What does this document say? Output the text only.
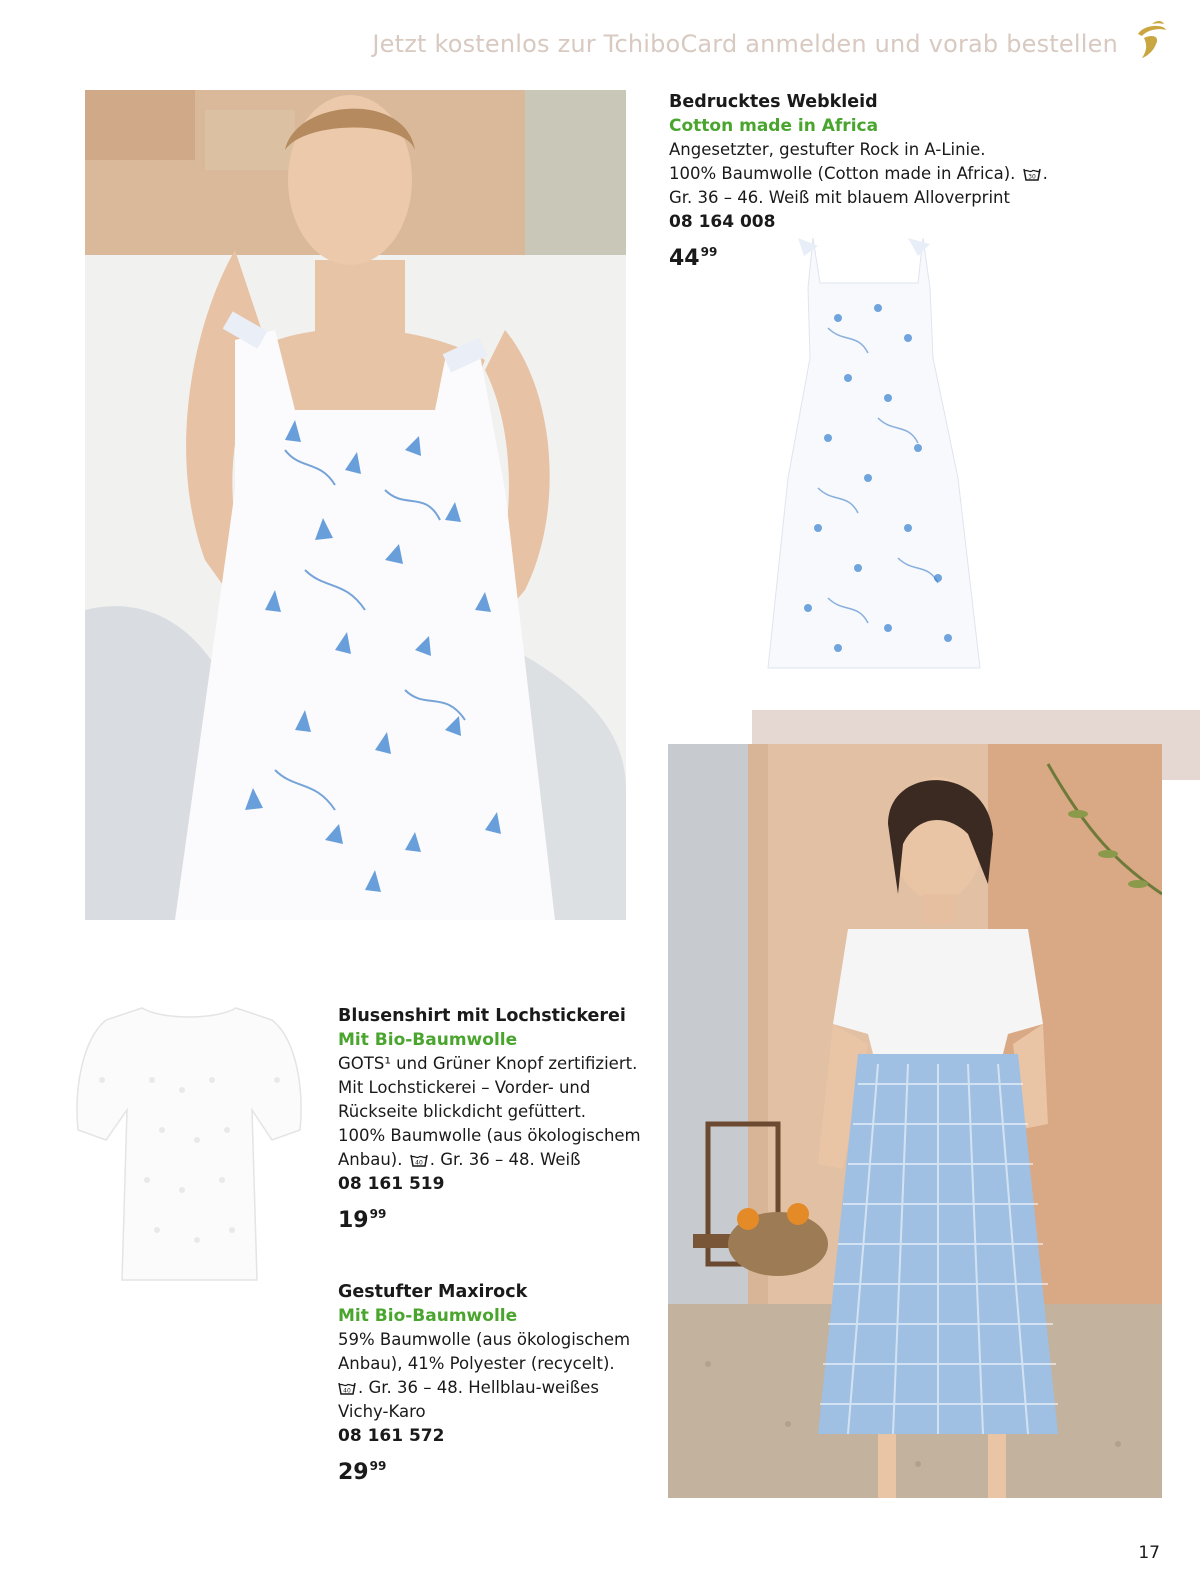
Jetzt kostenlos zur TchiboCard anmelden und vorab bestellen
Bedrucktes Webkleid
Cotton made in Africa
Angesetzter, gestufter Rock in A-Linie.
100% Baumwolle (Cotton made in Africa). 30 .
Gr. 36 – 46. Weiß mit blauem Alloverprint
08 164 008
$44^{99}$
Blusenshirt mit Lochstickerei
Mit Bio-Baumwolle
GOTS¹ und Grüner Knopf zertifiziert.
Mit Lochstickerei – Vorder- und
Rückseite blickdicht gefüttert.
100% Baumwolle (aus ökologischem
Anbau). 40 . Gr. 36 – 48. Weiß
08 161 519
$19^{99}$
Gestufter Maxirock
Mit Bio-Baumwolle
59% Baumwolle (aus ökologischem
Anbau), 41% Polyester (recycelt).
40 . Gr. 36 – 48. Hellblau-weißes
Vichy-Karo
08 161 572
$29^{99}$
17
